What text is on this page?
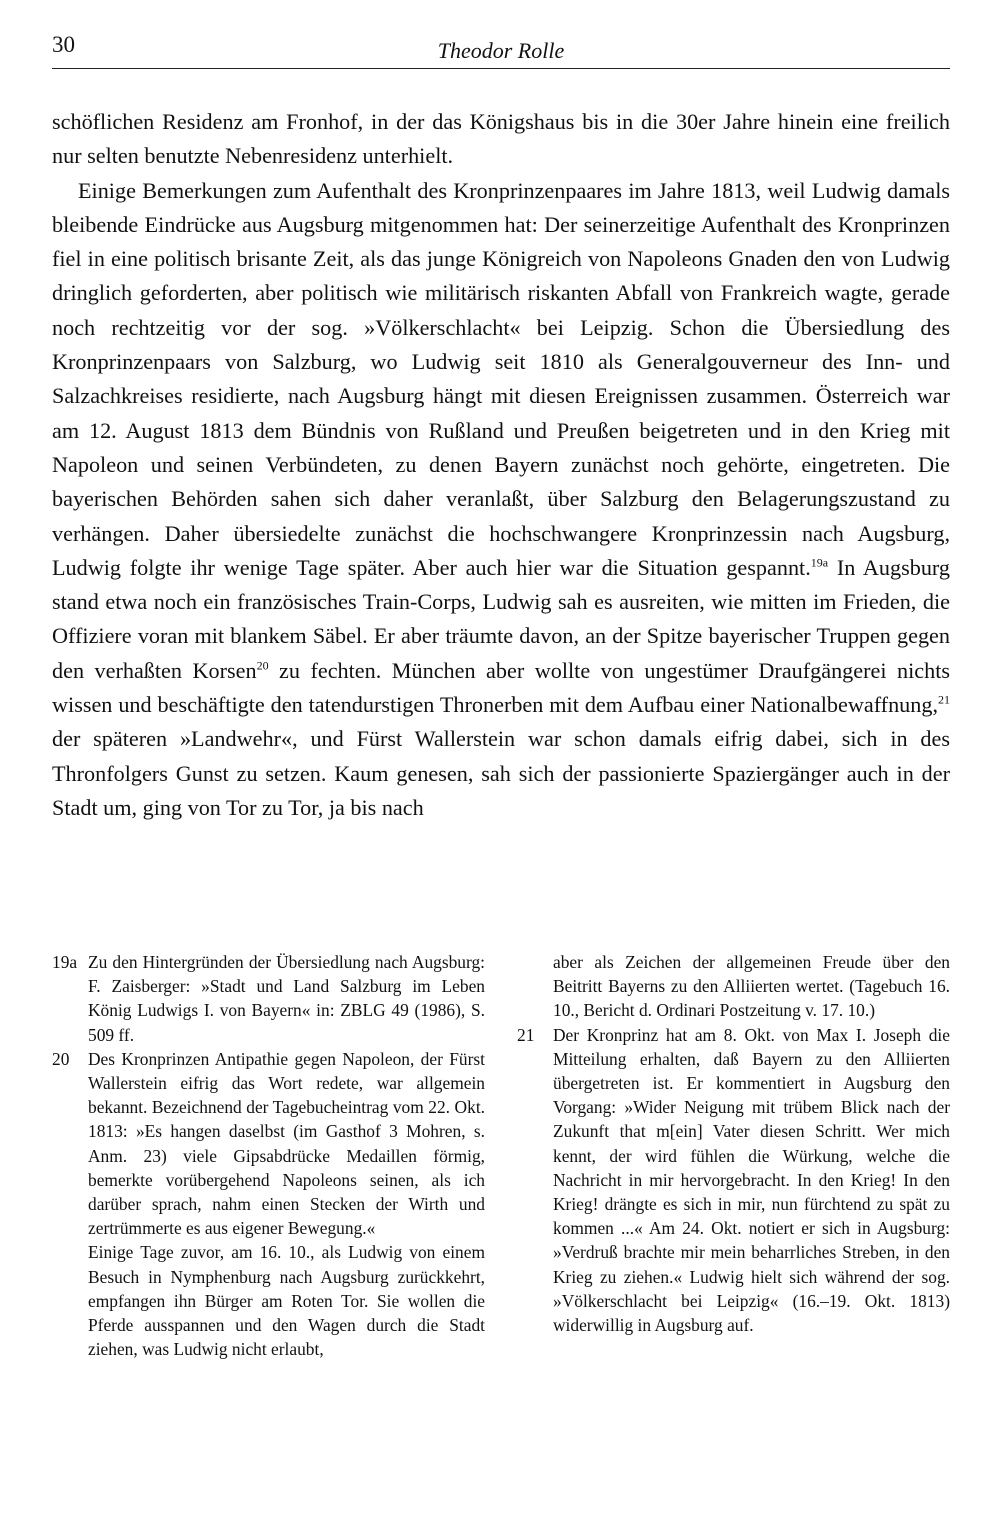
30	Theodor Rolle

schöflichen Residenz am Fronhof, in der das Königshaus bis in die 30er Jahre hinein eine freilich nur selten benutzte Nebenresidenz unterhielt.

Einige Bemerkungen zum Aufenthalt des Kronprinzenpaares im Jahre 1813, weil Ludwig damals bleibende Eindrücke aus Augsburg mitgenommen hat: Der seinerzeitige Aufenthalt des Kronprinzen fiel in eine politisch brisante Zeit, als das junge Königreich von Napoleons Gnaden den von Ludwig dringlich geforderten, aber politisch wie militärisch riskanten Abfall von Frankreich wagte, gerade noch rechtzeitig vor der sog. »Völkerschlacht« bei Leipzig. Schon die Übersiedlung des Kronprinzenpaars von Salzburg, wo Ludwig seit 1810 als Generalgouverneur des Inn- und Salzachkreises residierte, nach Augsburg hängt mit diesen Ereignissen zusammen. Österreich war am 12. August 1813 dem Bündnis von Rußland und Preußen beigetreten und in den Krieg mit Napoleon und seinen Verbündeten, zu denen Bayern zunächst noch gehörte, eingetreten. Die bayerischen Behörden sahen sich daher veranlaßt, über Salzburg den Belagerungszustand zu verhängen. Daher übersiedelte zunächst die hochschwangere Kronprinzessin nach Augsburg, Ludwig folgte ihr wenige Tage später. Aber auch hier war die Situation gespannt.$^{19a}$ In Augsburg stand etwa noch ein französisches Train-Corps, Ludwig sah es ausreiten, wie mitten im Frieden, die Offiziere voran mit blankem Säbel. Er aber träumte davon, an der Spitze bayerischer Truppen gegen den verhaßten Korsen$^{20}$ zu fechten. München aber wollte von ungestümer Draufgängerei nichts wissen und beschäftigte den tatendurstigen Thronerben mit dem Aufbau einer Nationalbewaffnung,$^{21}$ der späteren »Landwehr«, und Fürst Wallerstein war schon damals eifrig dabei, sich in des Thronfolgers Gunst zu setzen. Kaum genesen, sah sich der passionierte Spaziergänger auch in der Stadt um, ging von Tor zu Tor, ja bis nach

19a Zu den Hintergründen der Übersiedlung nach Augsburg: F. Zaisberger: »Stadt und Land Salzburg im Leben König Ludwigs I. von Bayern« in: ZBLG 49 (1986), S. 509 ff.
20	Des Kronprinzen Antipathie gegen Napoleon, der Fürst Wallerstein eifrig das Wort redete, war allgemein bekannt. Bezeichnend der Tagebucheintrag vom 22. Okt. 1813: »Es hangen daselbst (im Gasthof 3 Mohren, s. Anm. 23) viele Gipsabdrücke Medaillen förmig, bemerkte vorübergehend Napoleons seinen, als ich darüber sprach, nahm einen Stecken der Wirth und zertrümmerte es aus eigener Bewegung.«
Einige Tage zuvor, am 16. 10., als Ludwig von einem Besuch in Nymphenburg nach Augsburg zurückkehrt, empfangen ihn Bürger am Roten Tor. Sie wollen die Pferde ausspannen und den Wagen durch die Stadt ziehen, was Ludwig nicht erlaubt,
aber als Zeichen der allgemeinen Freude über den Beitritt Bayerns zu den Alliierten wertet. (Tagebuch 16. 10., Bericht d. Ordinari Postzeitung v. 17. 10.)
21	Der Kronprinz hat am 8. Okt. von Max I. Joseph die Mitteilung erhalten, daß Bayern zu den Alliierten übergetreten ist. Er kommentiert in Augsburg den Vorgang: »Wider Neigung mit trübem Blick nach der Zukunft that m[ein] Vater diesen Schritt. Wer mich kennt, der wird fühlen die Würkung, welche die Nachricht in mir hervorgebracht. In den Krieg! In den Krieg! drängte es sich in mir, nun fürchtend zu spät zu kommen ...« Am 24. Okt. notiert er sich in Augsburg: »Verdruß brachte mir mein beharrliches Streben, in den Krieg zu ziehen.« Ludwig hielt sich während der sog. »Völkerschlacht bei Leipzig« (16.–19. Okt. 1813) widerwillig in Augsburg auf.
